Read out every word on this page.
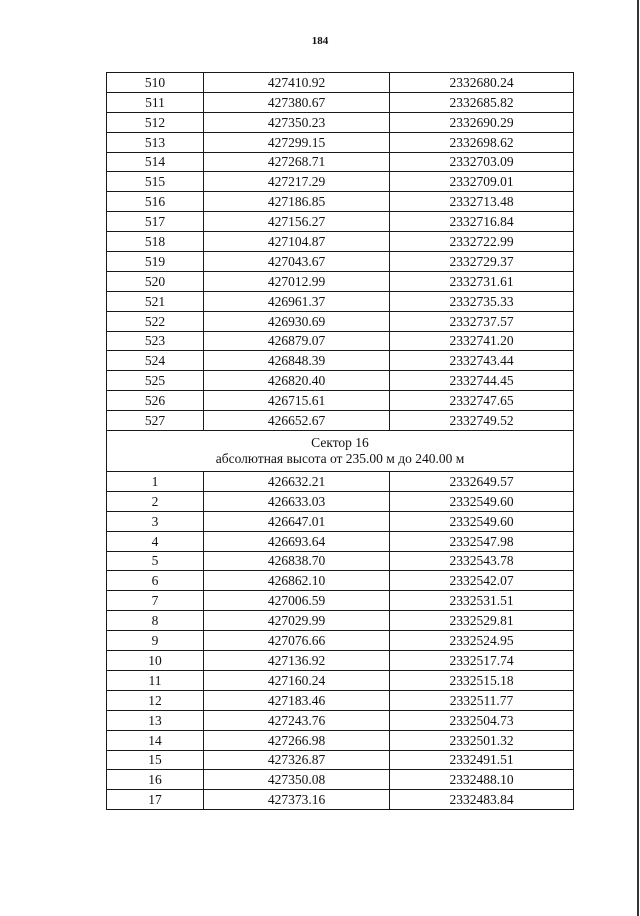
184
510	427410.92	2332680.24
511	427380.67	2332685.82
512	427350.23	2332690.29
513	427299.15	2332698.62
514	427268.71	2332703.09
515	427217.29	2332709.01
516	427186.85	2332713.48
517	427156.27	2332716.84
518	427104.87	2332722.99
519	427043.67	2332729.37
520	427012.99	2332731.61
521	426961.37	2332735.33
522	426930.69	2332737.57
523	426879.07	2332741.20
524	426848.39	2332743.44
525	426820.40	2332744.45
526	426715.61	2332747.65
527	426652.67	2332749.52

Сектор 16
абсолютная высота от 235.00 м до 240.00 м		

1	426632.21	2332649.57
2	426633.03	2332549.60
3	426647.01	2332549.60
4	426693.64	2332547.98
5	426838.70	2332543.78
6	426862.10	2332542.07
7	427006.59	2332531.51
8	427029.99	2332529.81
9	427076.66	2332524.95
10	427136.92	2332517.74
11	427160.24	2332515.18
12	427183.46	2332511.77
13	427243.76	2332504.73
14	427266.98	2332501.32
15	427326.87	2332491.51
16	427350.08	2332488.10
17	427373.16	2332483.84
